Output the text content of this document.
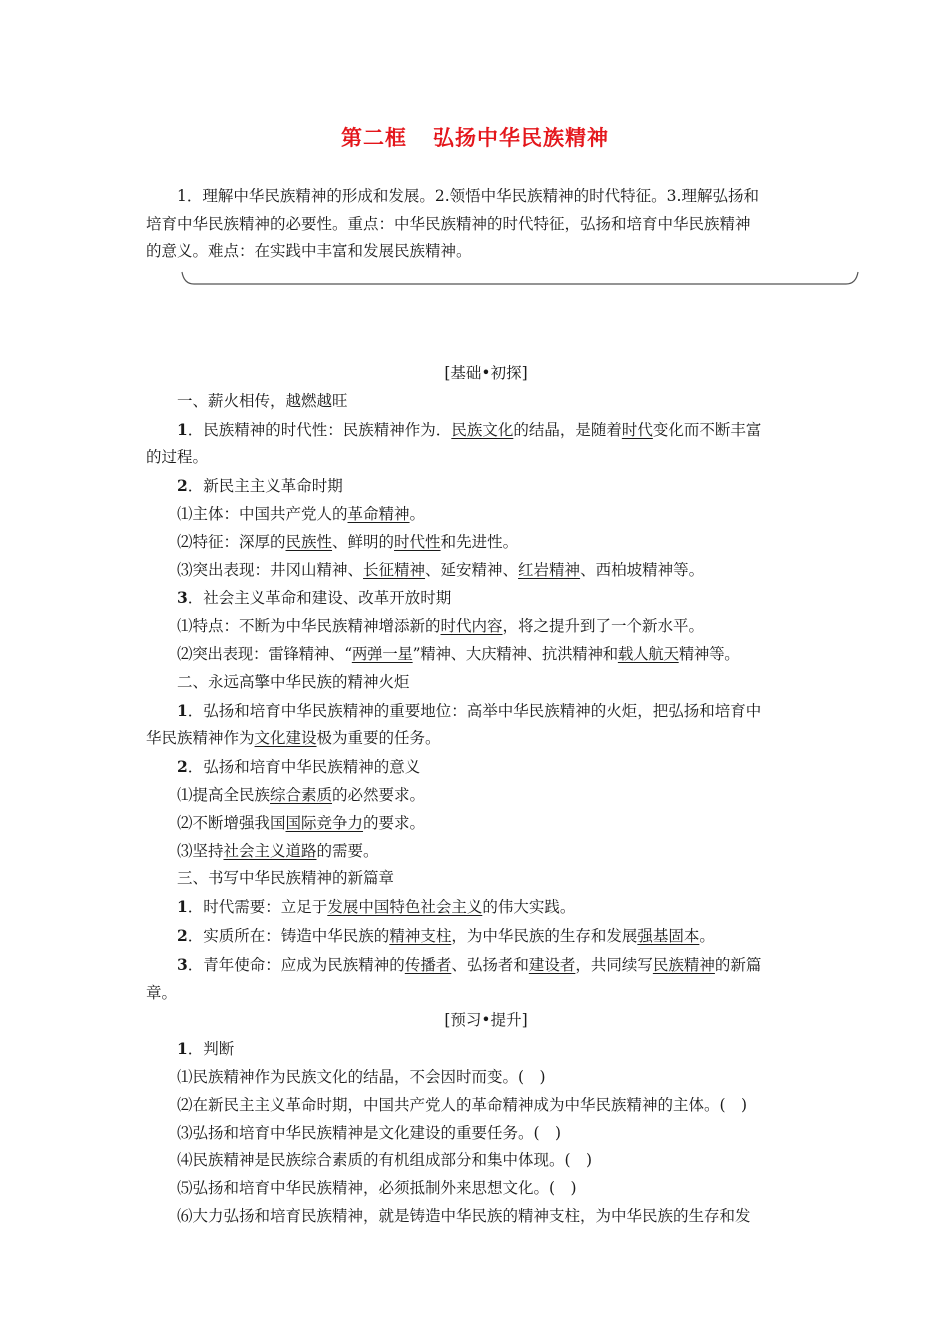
第二框 弘扬中华民族精神

1．理解中华民族精神的形成和发展。2.领悟中华民族精神的时代特征。3.理解弘扬和

培育中华民族精神的必要性。重点：中华民族精神的时代特征，弘扬和培育中华民族精神

的意义。难点：在实践中丰富和发展民族精神。

[基础•初探]

一、薪火相传，越燃越旺

1．民族精神的时代性：民族精神作为．民族文化的结晶，是随着时代变化而不断丰富

的过程。

2．新民主主义革命时期

⑴主体：中国共产党人的革命精神。

⑵特征：深厚的民族性、鲜明的时代性和先进性。

⑶突出表现：井冈山精神、长征精神、延安精神、红岩精神、西柏坡精神等。

3．社会主义革命和建设、改革开放时期

⑴特点：不断为中华民族精神增添新的时代内容，将之提升到了一个新水平。

⑵突出表现：雷锋精神、“两弹一星”精神、大庆精神、抗洪精神和载人航天精神等。

二、永远高擎中华民族的精神火炬

1．弘扬和培育中华民族精神的重要地位：高举中华民族精神的火炬，把弘扬和培育中

华民族精神作为文化建设极为重要的任务。

2．弘扬和培育中华民族精神的意义

⑴提高全民族综合素质的必然要求。

⑵不断增强我国国际竞争力的要求。

⑶坚持社会主义道路的需要。

三、书写中华民族精神的新篇章

1．时代需要：立足于发展中国特色社会主义的伟大实践。

2．实质所在：铸造中华民族的精神支柱，为中华民族的生存和发展强基固本。

3．青年使命：应成为民族精神的传播者、弘扬者和建设者，共同续写民族精神的新篇

章。

[预习•提升]

1．判断

⑴民族精神作为民族文化的结晶，不会因时而变。(　)

⑵在新民主主义革命时期，中国共产党人的革命精神成为中华民族精神的主体。(　)

⑶弘扬和培育中华民族精神是文化建设的重要任务。(　)

⑷民族精神是民族综合素质的有机组成部分和集中体现。(　)

⑸弘扬和培育中华民族精神，必须抵制外来思想文化。(　)

⑹大力弘扬和培育民族精神，就是铸造中华民族的精神支柱，为中华民族的生存和发
